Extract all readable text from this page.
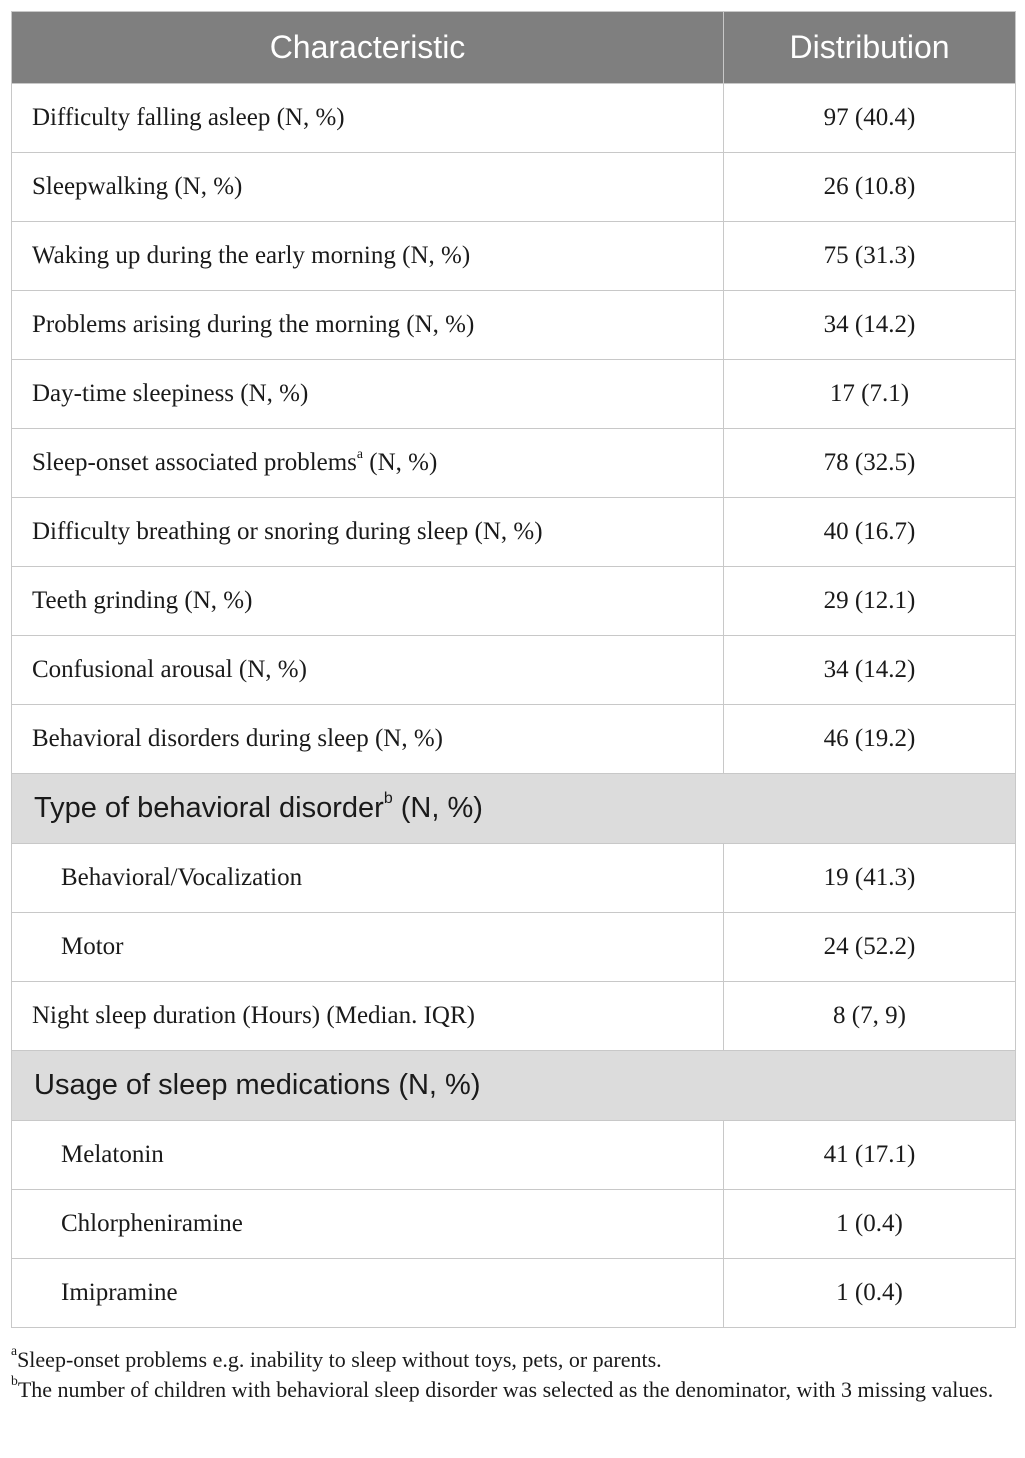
Characteristic	Distribution
Difficulty falling asleep (N, %)	97 (40.4)
Sleepwalking (N, %)	26 (10.8)
Waking up during the early morning (N, %)	75 (31.3)
Problems arising during the morning (N, %)	34 (14.2)
Day-time sleepiness (N, %)	17 (7.1)
Sleep-onset associated problems$^a$ (N, %)	78 (32.5)
Difficulty breathing or snoring during sleep (N, %)	40 (16.7)
Teeth grinding (N, %)	29 (12.1)
Confusional arousal (N, %)	34 (14.2)
Behavioral disorders during sleep (N, %)	46 (19.2)
Type of behavioral disorder$^b$ (N, %)	
Behavioral/Vocalization	19 (41.3)
Motor	24 (52.2)
Night sleep duration (Hours) (Median. IQR)	8 (7, 9)
Usage of sleep medications (N, %)	
Melatonin	41 (17.1)
Chlorpheniramine	1 (0.4)
Imipramine	1 (0.4)

$^a$Sleep-onset problems e.g. inability to sleep without toys, pets, or parents.

$^b$The number of children with behavioral sleep disorder was selected as the denominator, with 3 missing values.
